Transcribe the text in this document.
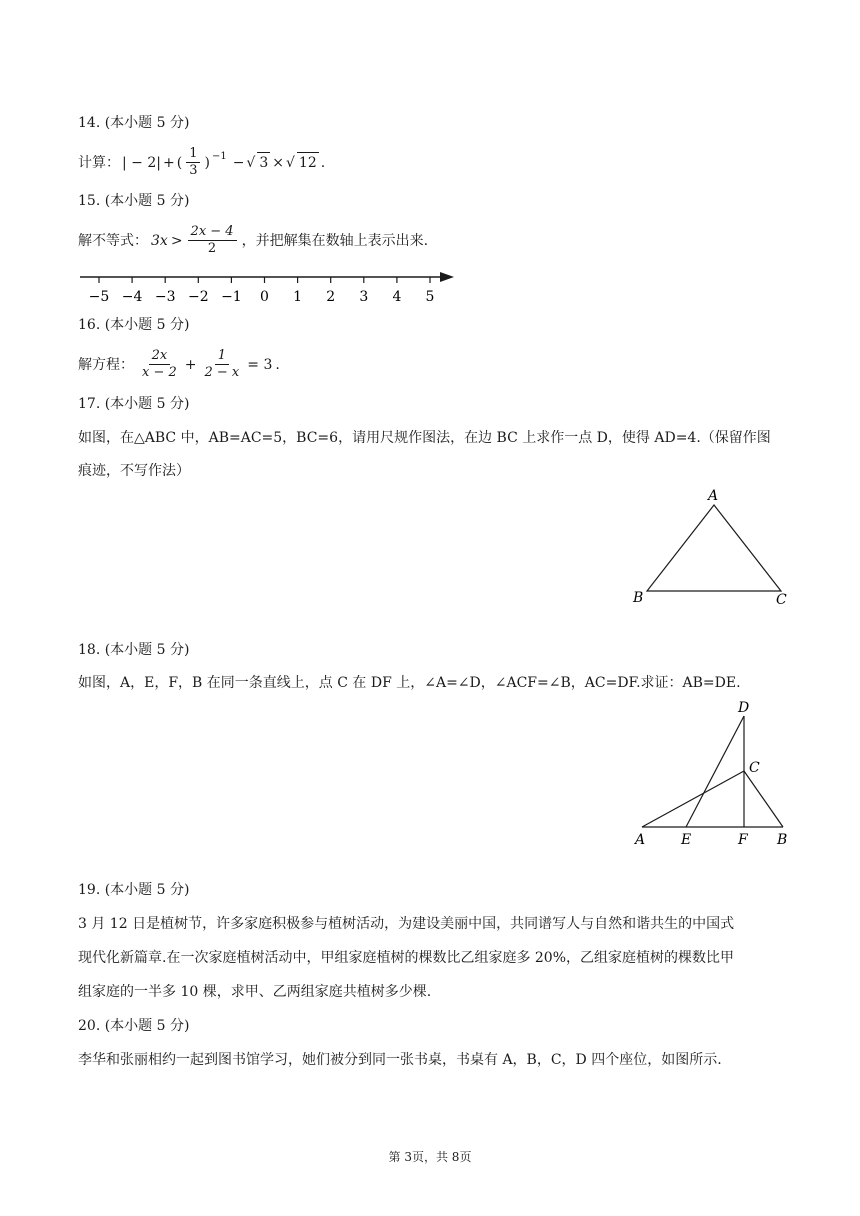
14. (本小题 5 分)
计算： | − 2| + ( $\frac{1}{3} )^{-1}$ − √ 3 × √ 12 .
15. (本小题 5 分)
解不等式： $3x > \frac{2x - 4}{2}$ ，并把解集在数轴上表示出来.
−5 −4 −3 −2 −1 0 1 2 3 4 5
16. (本小题 5 分)
解方程： $\frac{2x}{x - 2} + \frac{1}{2 - x} = 3$ .
17. (本小题 5 分)
如图，在△ABC 中，AB=AC=5，BC=6，请用尺规作图法，在边 BC 上求作一点 D，使得 AD=4.（保留作图
痕迹，不写作法）
A
B	C
18. (本小题 5 分)
如图，A，E，F，B 在同一条直线上，点 C 在 DF 上，∠A=∠D，∠ACF=∠B，AC=DF.求证：AB=DE.
D
C
A	E	F B
19. (本小题 5 分)
3 月 12 日是植树节，许多家庭积极参与植树活动，为建设美丽中国，共同谱写人与自然和谐共生的中国式
现代化新篇章.在一次家庭植树活动中，甲组家庭植树的棵数比乙组家庭多 20%，乙组家庭植树的棵数比甲
组家庭的一半多 10 棵，求甲、乙两组家庭共植树多少棵.
20. (本小题 5 分)
李华和张丽相约一起到图书馆学习，她们被分到同一张书桌，书桌有 A，B，C，D 四个座位，如图所示.
第 3页，共 8页
